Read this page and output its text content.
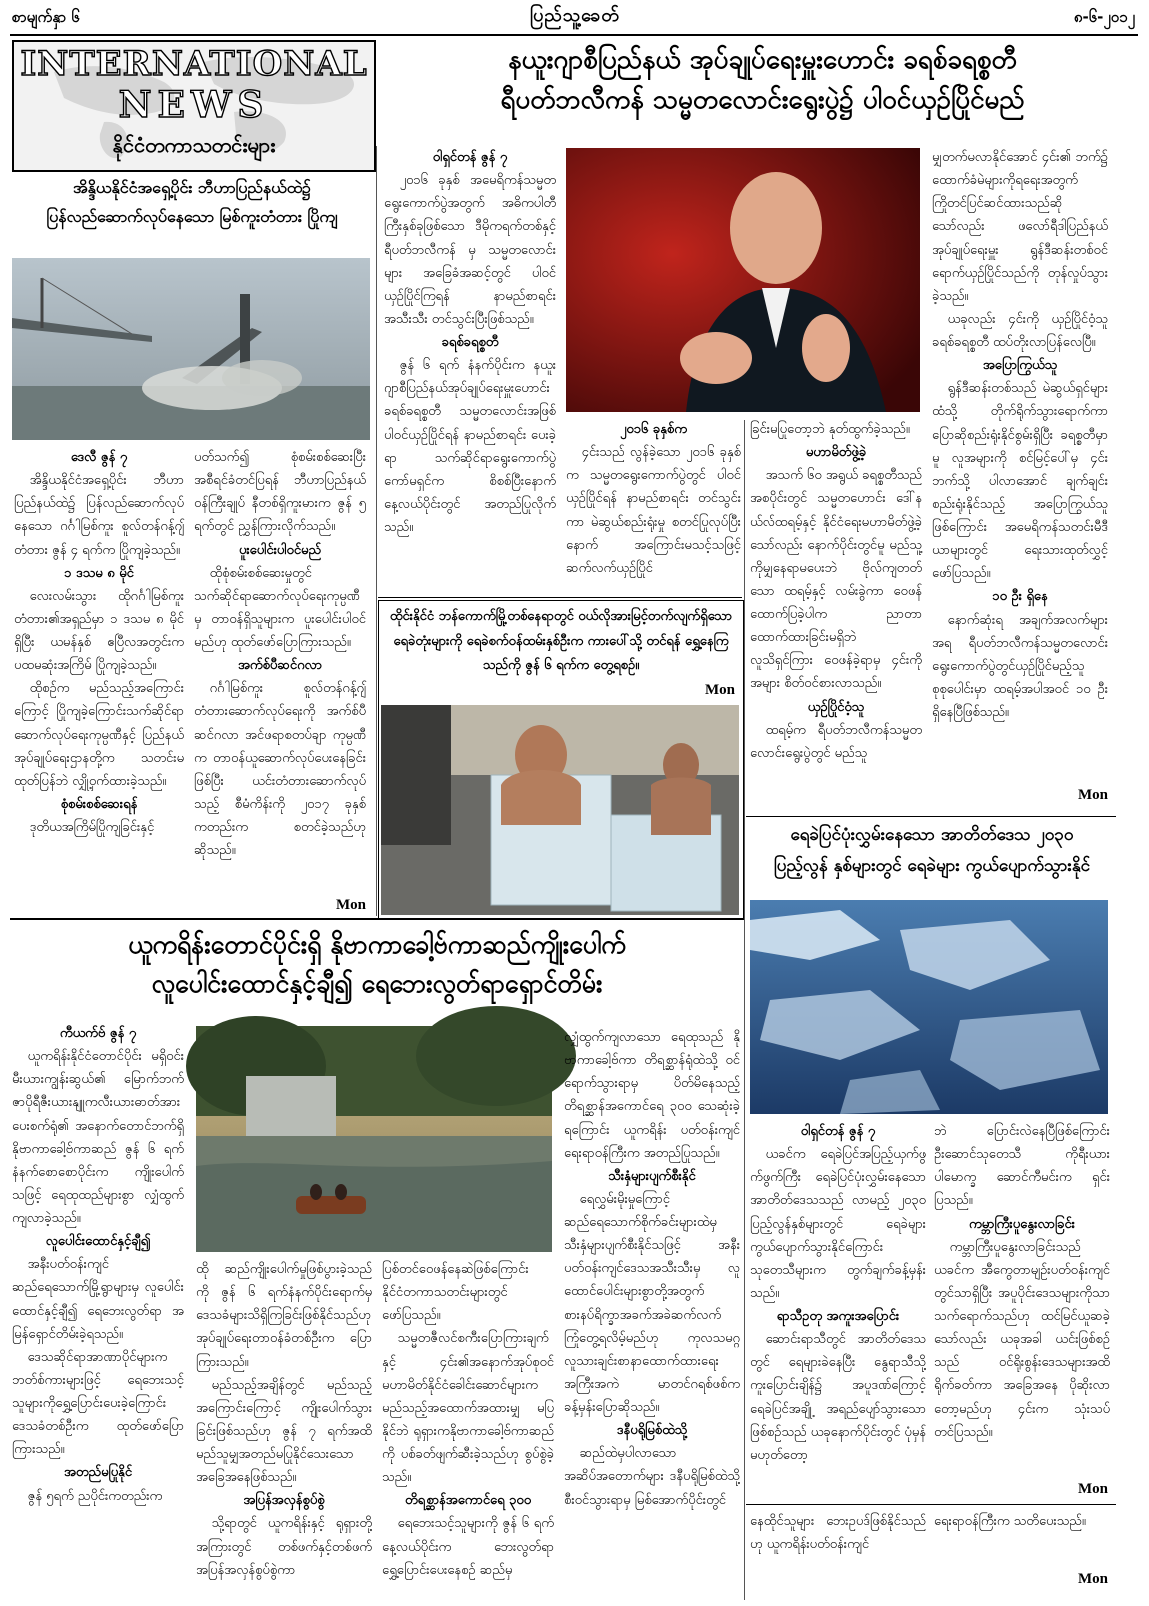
စာမျက်နှာ ၆	ပြည်သူ့ခေတ်	၈-၆-၂၀၁၂
INTERNATIONAL
NEWS
နိုင်ငံတကာသတင်းများ
နယူးဂျာစီပြည်နယ် အုပ်ချုပ်ရေးမှူးဟောင်း ခရစ်ခရစ္စတီ
ရီပတ်ဘလီကန် သမ္မတလောင်းရွေးပွဲ၌ ပါဝင်ယှဉ်ပြိုင်မည်

ဝါရှင်တန် ဇွန် ၇

၂၀၁၆ ခုနှစ် အမေရိကန်သမ္မတရွေးကောက်ပွဲအတွက် အဓိကပါတီကြီးနှစ်ခုဖြစ်သော ဒီမိုကရက်တစ်နှင့် ရီပတ်ဘလီကန် မှ သမ္မတလောင်းများ အခြေခံအဆင့်တွင် ပါဝင်ယှဉ်ပြိုင်ကြရန် နာမည်စာရင်းအသီးသီး တင်သွင်းပြီးဖြစ်သည်။

ခရစ်ခရစ္စတီ

ဇွန် ၆ ရက် နံနက်ပိုင်းက နယူးဂျာစီပြည်နယ်အုပ်ချုပ်ရေးမှူးဟောင်း ခရစ်ခရစ္စတီ သမ္မတလောင်းအဖြစ် ပါဝင်ယှဉ်ပြိုင်ရန် နာမည်စာရင်း ပေးခဲ့ရာ သက်ဆိုင်ရာရွေးကောက်ပွဲကော်မရှင်က စိစစ်ပြီးနောက် နေ့လယ်ပိုင်းတွင် အတည်ပြုလိုက်သည်။

၂၀၁၆ ခုနှစ်က

၄င်းသည် လွန်ခဲ့သော ၂၀၁၆ ခုနှစ်က သမ္မတရွေးကောက်ပွဲတွင် ပါဝင်ယှဉ်ပြိုင်ရန် နာမည်စာရင်း တင်သွင်းကာ မဲဆွယ်စည်းရုံးမှု စတင်ပြုလုပ်ပြီးနောက် အကြောင်းမသင့်သဖြင့် ဆက်လက်ယှဉ်ပြိုင်

ခြင်းမပြုတော့ဘဲ နုတ်ထွက်ခဲ့သည်။

မဟာမိတ်ဖွဲ့ခဲ့

အသက် ၆၀ အရွယ် ခရစ္စတီသည် အစပိုင်းတွင် သမ္မတဟောင်း ဒေါ်နယ်လ်ထရမ့်နှင့် နိုင်ငံရေးမဟာမိတ်ဖွဲ့ခဲ့သော်လည်း နောက်ပိုင်းတွင်မူ မည်သူ့ကိုမျှနေရာမပေးဘဲ ဗိုလ်ကျတတ်သော ထရမ့်နှင့် လမ်းခွဲကာ ဝေဖန်ထောက်ပြခဲ့ပါက ညာတာထောက်ထားခြင်းမရှိဘဲ လူသိရှင်ကြား ဝေဖန်ခဲ့ရာမှ ၄င်းကိုအများ စိတ်ဝင်စားလာသည်။

ယှဉ်ပြိုင်ဝံ့သူ

ထရမ့်က ရီပတ်ဘလီကန်သမ္မတလောင်းရွေးပွဲတွင် မည်သူ

မျှတက်မလာနိုင်အောင် ၄င်း၏ ဘက်၌ ထောက်ခံမဲများကိုရရေးအတွက် ကြိုတင်ပြင်ဆင်ထားသည်ဆိုသော်လည်း ဖလော်ရီဒါပြည်နယ် အုပ်ချုပ်ရေးမှူး ရွန်ဒီဆန်းတစ်ဝင်ရောက်ယှဉ်ပြိုင်သည်ကို တုန်လှုပ်သွားခဲ့သည်။

ယခုလည်း ၄င်းကို ယှဉ်ပြိုင်ဝံ့သူ ခရစ်ခရစ္စတီ ထပ်တိုးလာပြန်လေပြီ။

အပြောကြွယ်သူ

ရွန်ဒီဆန်းတစ်သည် မဲဆွယ်ရှင်များထံသို့ တိုက်ရိုက်သွားရောက်ကာ ပြောဆိုစည်းရုံးနိုင်စွမ်းရှိပြီး ခရစ္စတီမှာမူ လူအများကို စင်မြင့်ပေါ်မှ ၄င်းဘက်သို့ ပါလာအောင် ချက်ချင်းစည်းရုံးနိုင်သည့် အပြောကြွယ်သူဖြစ်ကြောင်း အမေရိကန်သတင်းမီဒီယာများတွင် ရေးသားထုတ်လွှင့်ဖော်ပြသည်။

၁၀ ဦး ရှိနေ

နောက်ဆုံးရ အချက်အလက်များအရ ရီပတ်ဘလီကန်သမ္မတလောင်း ရွေးကောက်ပွဲတွင်ယှဉ်ပြိုင်မည့်သူ စုစုပေါင်းမှာ ထရမ့်အပါအဝင် ၁၀ ဦး ရှိနေပြီဖြစ်သည်။

Mon
အိန္ဒိယနိုင်ငံအရှေ့ပိုင်း ဘီဟာပြည်နယ်ထဲ၌
ပြန်လည်ဆောက်လုပ်နေသော မြစ်ကူးတံတား ပြိုကျ

ဒေလီ ဇွန် ၇

အိန္ဒိယနိုင်ငံအရှေ့ပိုင်း ဘီဟာပြည်နယ်ထဲ၌ ပြန်လည်ဆောက်လုပ်နေသော ဂင်္ဂါမြစ်ကူး စူလ်တန်ဂန့်ဂျ်တံတား ဇွန် ၄ ရက်က ပြိုကျခဲ့သည်။

၁ ဒသမ ၈ မိုင်

လေးလမ်းသွား ထိုဂင်္ဂါမြစ်ကူးတံတား၏အရှည်မှာ ၁ ဒသမ ၈ မိုင်ရှိပြီး ယမန်နှစ် ဧပြီလအတွင်းက ပထမဆုံးအကြိမ် ပြိုကျခဲ့သည်။

ထိုစဉ်က မည်သည့်အကြောင်းကြောင့် ပြိုကျခဲ့ကြောင်းသက်ဆိုင်ရာဆောက်လုပ်ရေးကုမ္ပဏီနှင့် ပြည်နယ်အုပ်ချုပ်ရေးဌာနတို့က သတင်းမထုတ်ပြန်ဘဲ လျှို့ဝှက်ထားခဲ့သည်။

စုံစမ်းစစ်ဆေးရန်

ဒုတိယအကြိမ်ပြိုကျခြင်းနှင့်

ပတ်သက်၍ စုံစမ်းစစ်ဆေးပြီး အစီရင်ခံတင်ပြရန် ဘီဟာပြည်နယ် ဝန်ကြီးချုပ် နီတစ်ရှိကူးမားက ဇွန် ၅ ရက်တွင် ညွှန်ကြားလိုက်သည်။

ပူးပေါင်းပါဝင်မည်

ထိုစုံစမ်းစစ်ဆေးမှုတွင် သက်ဆိုင်ရာဆောက်လုပ်ရေးကုမ္ပဏီမှ တာဝန်ရှိသူများက ပူးပေါင်းပါဝင်မည်ဟု ထုတ်ဖော်ပြောကြားသည်။

အက်စ်ပီဆင်ဂလာ

ဂင်္ဂါမြစ်ကူး စူလ်တန်ဂန့်ဂျ်တံတားဆောက်လုပ်ရေးကို အက်စ်ပီဆင်ဂလာ အင်ဖရာစတပ်ချာ ကုမ္ပဏီက တာဝန်ယူဆောက်လုပ်ပေးနေခြင်းဖြစ်ပြီး ယင်းတံတားဆောက်လုပ်သည့် စီမံကိန်းကို ၂၀၁၇ ခုနှစ်ကတည်းက စတင်ခဲ့သည်ဟု ဆိုသည်။

Mon
ထိုင်းနိုင်ငံ ဘန်ကောက်မြို့တစ်နေရာတွင် ဝယ်လိုအားမြင့်တက်လျက်ရှိသော ရေခဲတုံးများကို ရေခဲစက်ဝန်ထမ်းနှစ်ဦးက ကားပေါ်သို့ တင်ရန် ရွှေ့နေကြသည်ကို ဇွန် ၆ ရက်က တွေ့ရစဉ်။
Mon
ရေခဲပြင်ပုံးလွှမ်းနေသော အာတိတ်ဒေသ ၂၀၃၀
ပြည့်လွန် နှစ်များတွင် ရေခဲများ ကွယ်ပျောက်သွားနိုင်

ဝါရှင်တန် ဇွန် ၇

ယခင်က ရေခဲပြင်အပြည့်ယှက်ဖွက်ဖွက်ကြီး ရေခဲပြင်ပုံးလွှမ်းနေသောအာတိတ်ဒေသသည် လာမည့် ၂၀၃၀ ပြည့်လွန်နှစ်များတွင် ရေခဲများ ကွယ်ပျောက်သွားနိုင်ကြောင်း သုတေသီများက တွက်ချက်ခန့်မှန်းသည်။

ရာသီဥတု အကူးအပြောင်း

ဆောင်းရာသီတွင် အာတိတ်ဒေသတွင် ရေများခဲနေပြီး နွေရာသီသို့ ကူးပြောင်းချိန်၌ အပူဒဏ်ကြောင့် ရေခဲပြင်အချို့ အရည်ပျော်သွားသောဖြစ်စဉ်သည် ယခုနောက်ပိုင်းတွင် ပုံမှန်မဟုတ်တော့

ဘဲ ပြောင်းလဲနေပြီဖြစ်ကြောင်း ဦးဆောင်သုတေသီ ကိုရီးယားပါမောက္ခ ဆောင်ကီမင်းက ရှင်းပြသည်။

ကမ္ဘာကြီးပူနွေးလာခြင်း

ကမ္ဘာကြီးပူနွေးလာခြင်းသည် ယခင်က အီကွေတာမျဉ်းပတ်ဝန်းကျင်တွင်သာရှိပြီး အပူပိုင်းဒေသများကိုသာ သက်ရောက်သည်ဟု ထင်မြင်ယူဆခဲ့သော်လည်း ယခုအခါ ယင်းဖြစ်စဉ်သည် ဝင်ရိုးစွန်းဒေသများအထိ ရိုက်ခတ်ကာ အခြေအနေ ပိုဆိုးလာတော့မည်ဟု ၄င်းက သုံးသပ်တင်ပြသည်။

Mon
ယူကရိန်းတောင်ပိုင်းရှိ နိုဗာကာခေါ့ဗ်ကာဆည်ကျိုးပေါက်
လူပေါင်းထောင်နှင့်ချီ၍ ရေဘေးလွတ်ရာရှောင်တိမ်း

ကီယက်ဗ် ဇွန် ၇

ယူကရိန်းနိုင်ငံတောင်ပိုင်း မရှိဝင်းမီးယားကျွန်းဆွယ်၏ မြောက်ဘက် ဇာပိုရီဇီးယားနျူကလီးယားဓာတ်အားပေးစက်ရုံ၏ အနောက်တောင်ဘက်ရှိ နိုဗာကာခေါ့ဗ်ကာဆည် ဇွန် ၆ ရက် နံနက်စောစောပိုင်းက ကျိုးပေါက်သဖြင့် ရေထုထည်များစွာ လျှံထွက်ကျလာခဲ့သည်။

လူပေါင်းထောင်နှင့်ချီ၍

အနီးပတ်ဝန်းကျင် ဆည်ရေသောက်မြို့ရွာများမှ လူပေါင်းထောင်နှင့်ချီ၍ ရေဘေးလွတ်ရာ အမြန်ရှောင်တိမ်းခဲ့ရသည်။

ဒေသဆိုင်ရာအာဏာပိုင်များက ဘတ်စ်ကားများဖြင့် ရေဘေးသင့်သူများကိုရွှေ့ပြောင်းပေးခဲ့ကြောင်း ဒေသခံတစ်ဦးက ထုတ်ဖော်ပြောကြားသည်။

အတည်မပြုနိုင်

ဇွန် ၅ရက် ညပိုင်းကတည်းက

ထို ဆည်ကျိုးပေါက်မှုဖြစ်ပွားခဲ့သည်ကို ဇွန် ၆ ရက်နံနက်ပိုင်းရောက်မှ ဒေသခံများသိရှိကြခြင်းဖြစ်နိုင်သည်ဟု အုပ်ချုပ်ရေးတာဝန်ခံတစ်ဦးက ပြောကြားသည်။

မည်သည့်အချိန်တွင် မည်သည့်အကြောင်းကြောင့် ကျိုးပေါက်သွားခြင်းဖြစ်သည်ဟု ဇွန် ၇ ရက်အထိ မည်သူမျှအတည်မပြုနိုင်သေးသော အခြေအနေဖြစ်သည်။

အပြန်အလှန်စွပ်စွဲ

သို့ရာတွင် ယူကရိန်းနှင့် ရုရှားတို့အကြားတွင် တစ်ဖက်နှင့်တစ်ဖက် အပြန်အလှန်စွပ်စွဲကာ

ပြစ်တင်ဝေဖန်နေဆဲဖြစ်ကြောင်း နိုင်ငံတကာသတင်းများတွင် ဖော်ပြသည်။

သမ္မတဇီလင်စကီးပြောကြားချက်နှင့် ၄င်း၏အနောက်အုပ်စုဝင် မဟာမိတ်နိုင်ငံခေါင်းဆောင်များက မည်သည့်အထောက်အထားမျှ မပြနိုင်ဘဲ ရုရှားကနိုဗာကာခေါ့ဗ်ကာဆည်ကို ပစ်ခတ်ဖျက်ဆီးခဲ့သည်ဟု စွပ်စွဲခဲ့သည်။

တိရစ္ဆာန်အကောင်ရေ ၃၀၀

ရေဘေးသင့်သူများကို ဇွန် ၆ ရက်နေ့လယ်ပိုင်းက ဘေးလွတ်ရာရွှေ့ပြောင်းပေးနေစဉ် ဆည်မှ

လျှံထွက်ကျလာသော ရေထုသည် နိုဗာကာခေါ့ဗ်ကာ တိရစ္ဆာန်ရုံထဲသို့ ဝင်ရောက်သွားရာမှ ပိတ်မိနေသည့် တိရစ္ဆာန်အကောင်ရေ ၃၀၀ သေဆုံးခဲ့ရကြောင်း ယူကရိန်း ပတ်ဝန်းကျင်ရေးရာဝန်ကြီးက အတည်ပြုသည်။

သီးနှံများပျက်စီးနိုင်

ရေလွှမ်းမိုးမှုကြောင့် ဆည်ရေသောက်စိုက်ခင်းများထဲမှ သီးနှံများပျက်စီးနိုင်သဖြင့် အနီးပတ်ဝန်းကျင်ဒေသအသီးသီးမှ လူထောင်ပေါင်းများစွာတို့အတွက် စားနပ်ရိက္ခာအခက်အခဲဆက်လက်ကြုံတွေ့ရလိမ့်မည်ဟု ကုလသမဂ္ဂလူသားချင်းစာနာထောက်ထားရေးအကြီးအကဲ မာတင်ဂရစ်ဖစ်က ခန့်မှန်းပြောဆိုသည်။

ဒနီပရိုမြစ်ထဲသို့

ဆည်ထဲမှပါလာသော အဆိပ်အတောက်များ ဒနီပရိုမြစ်ထဲသို့ စီးဝင်သွားရာမှ မြစ်အောက်ပိုင်းတွင်

နေထိုင်သူများ ဘေးဥပဒ်ဖြစ်နိုင်သည်ဟု ယူကရိန်းပတ်ဝန်းကျင်

ရေးရာဝန်ကြီးက သတိပေးသည်။

Mon
